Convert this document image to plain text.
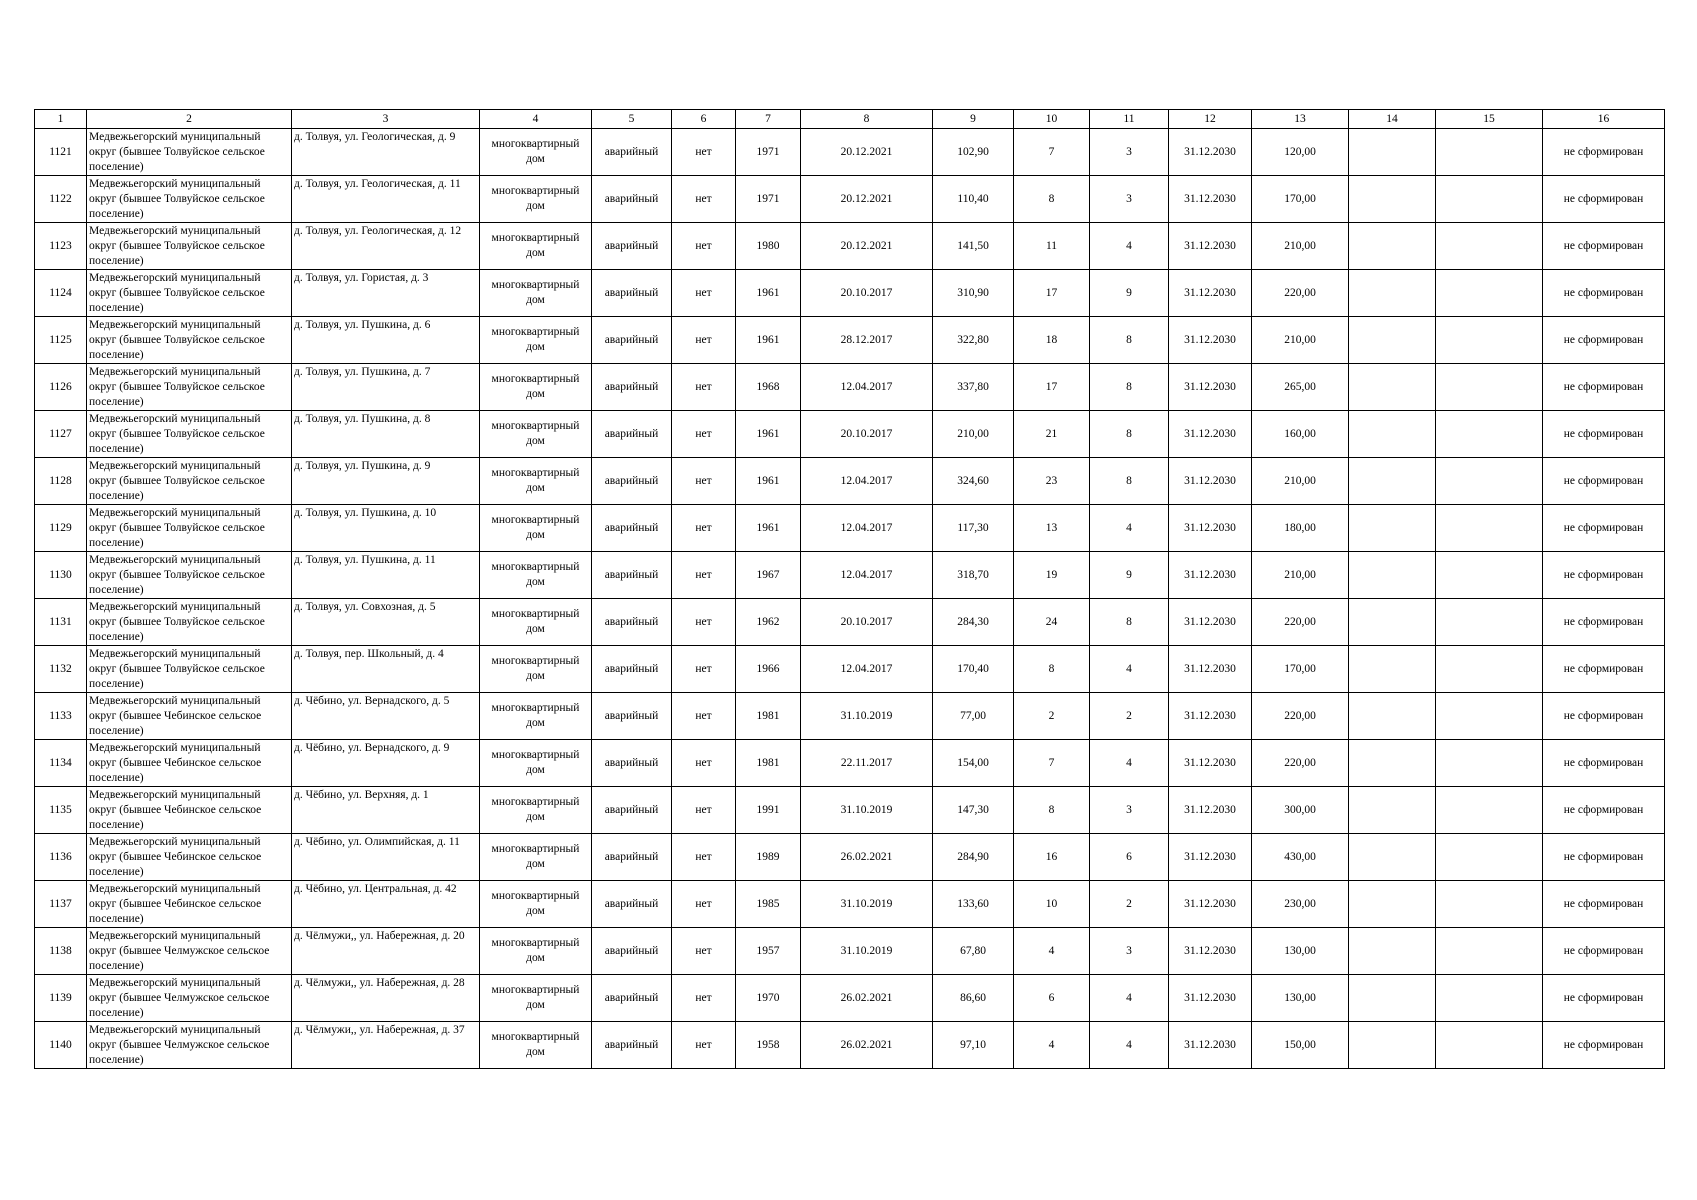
1	2	3	4	5	6	7	8	9	10	11	12	13	14	15	16
1121	Медвежьегорский муниципальный округ (бывшее Толвуйское сельское поселение)	д. Толвуя, ул. Геологическая, д. 9	многоквартирный дом	аварийный	нет	1971	20.12.2021	102,90	7	3	31.12.2030	120,00			не сформирован
1122	Медвежьегорский муниципальный округ (бывшее Толвуйское сельское поселение)	д. Толвуя, ул. Геологическая, д. 11	многоквартирный дом	аварийный	нет	1971	20.12.2021	110,40	8	3	31.12.2030	170,00			не сформирован
1123	Медвежьегорский муниципальный округ (бывшее Толвуйское сельское поселение)	д. Толвуя, ул. Геологическая, д. 12	многоквартирный дом	аварийный	нет	1980	20.12.2021	141,50	11	4	31.12.2030	210,00			не сформирован
1124	Медвежьегорский муниципальный округ (бывшее Толвуйское сельское поселение)	д. Толвуя, ул. Гористая, д. 3	многоквартирный дом	аварийный	нет	1961	20.10.2017	310,90	17	9	31.12.2030	220,00			не сформирован
1125	Медвежьегорский муниципальный округ (бывшее Толвуйское сельское поселение)	д. Толвуя, ул. Пушкина, д. 6	многоквартирный дом	аварийный	нет	1961	28.12.2017	322,80	18	8	31.12.2030	210,00			не сформирован
1126	Медвежьегорский муниципальный округ (бывшее Толвуйское сельское поселение)	д. Толвуя, ул. Пушкина, д. 7	многоквартирный дом	аварийный	нет	1968	12.04.2017	337,80	17	8	31.12.2030	265,00			не сформирован
1127	Медвежьегорский муниципальный округ (бывшее Толвуйское сельское поселение)	д. Толвуя, ул. Пушкина, д. 8	многоквартирный дом	аварийный	нет	1961	20.10.2017	210,00	21	8	31.12.2030	160,00			не сформирован
1128	Медвежьегорский муниципальный округ (бывшее Толвуйское сельское поселение)	д. Толвуя, ул. Пушкина, д. 9	многоквартирный дом	аварийный	нет	1961	12.04.2017	324,60	23	8	31.12.2030	210,00			не сформирован
1129	Медвежьегорский муниципальный округ (бывшее Толвуйское сельское поселение)	д. Толвуя, ул. Пушкина, д. 10	многоквартирный дом	аварийный	нет	1961	12.04.2017	117,30	13	4	31.12.2030	180,00			не сформирован
1130	Медвежьегорский муниципальный округ (бывшее Толвуйское сельское поселение)	д. Толвуя, ул. Пушкина, д. 11	многоквартирный дом	аварийный	нет	1967	12.04.2017	318,70	19	9	31.12.2030	210,00			не сформирован
1131	Медвежьегорский муниципальный округ (бывшее Толвуйское сельское поселение)	д. Толвуя, ул. Совхозная, д. 5	многоквартирный дом	аварийный	нет	1962	20.10.2017	284,30	24	8	31.12.2030	220,00			не сформирован
1132	Медвежьегорский муниципальный округ (бывшее Толвуйское сельское поселение)	д. Толвуя, пер. Школьный, д. 4	многоквартирный дом	аварийный	нет	1966	12.04.2017	170,40	8	4	31.12.2030	170,00			не сформирован
1133	Медвежьегорский муниципальный округ (бывшее Чебинское сельское поселение)	д. Чёбино, ул. Вернадского, д. 5	многоквартирный дом	аварийный	нет	1981	31.10.2019	77,00	2	2	31.12.2030	220,00			не сформирован
1134	Медвежьегорский муниципальный округ (бывшее Чебинское сельское поселение)	д. Чёбино, ул. Вернадского, д. 9	многоквартирный дом	аварийный	нет	1981	22.11.2017	154,00	7	4	31.12.2030	220,00			не сформирован
1135	Медвежьегорский муниципальный округ (бывшее Чебинское сельское поселение)	д. Чёбино, ул. Верхняя, д. 1	многоквартирный дом	аварийный	нет	1991	31.10.2019	147,30	8	3	31.12.2030	300,00			не сформирован
1136	Медвежьегорский муниципальный округ (бывшее Чебинское сельское поселение)	д. Чёбино, ул. Олимпийская, д. 11	многоквартирный дом	аварийный	нет	1989	26.02.2021	284,90	16	6	31.12.2030	430,00			не сформирован
1137	Медвежьегорский муниципальный округ (бывшее Чебинское сельское поселение)	д. Чёбино, ул. Центральная, д. 42	многоквартирный дом	аварийный	нет	1985	31.10.2019	133,60	10	2	31.12.2030	230,00			не сформирован
1138	Медвежьегорский муниципальный округ (бывшее Челмужское сельское поселение)	д. Чёлмужи,, ул. Набережная, д. 20	многоквартирный дом	аварийный	нет	1957	31.10.2019	67,80	4	3	31.12.2030	130,00			не сформирован
1139	Медвежьегорский муниципальный округ (бывшее Челмужское сельское поселение)	д. Чёлмужи,, ул. Набережная, д. 28	многоквартирный дом	аварийный	нет	1970	26.02.2021	86,60	6	4	31.12.2030	130,00			не сформирован
1140	Медвежьегорский муниципальный округ (бывшее Челмужское сельское поселение)	д. Чёлмужи,, ул. Набережная, д. 37	многоквартирный дом	аварийный	нет	1958	26.02.2021	97,10	4	4	31.12.2030	150,00			не сформирован
